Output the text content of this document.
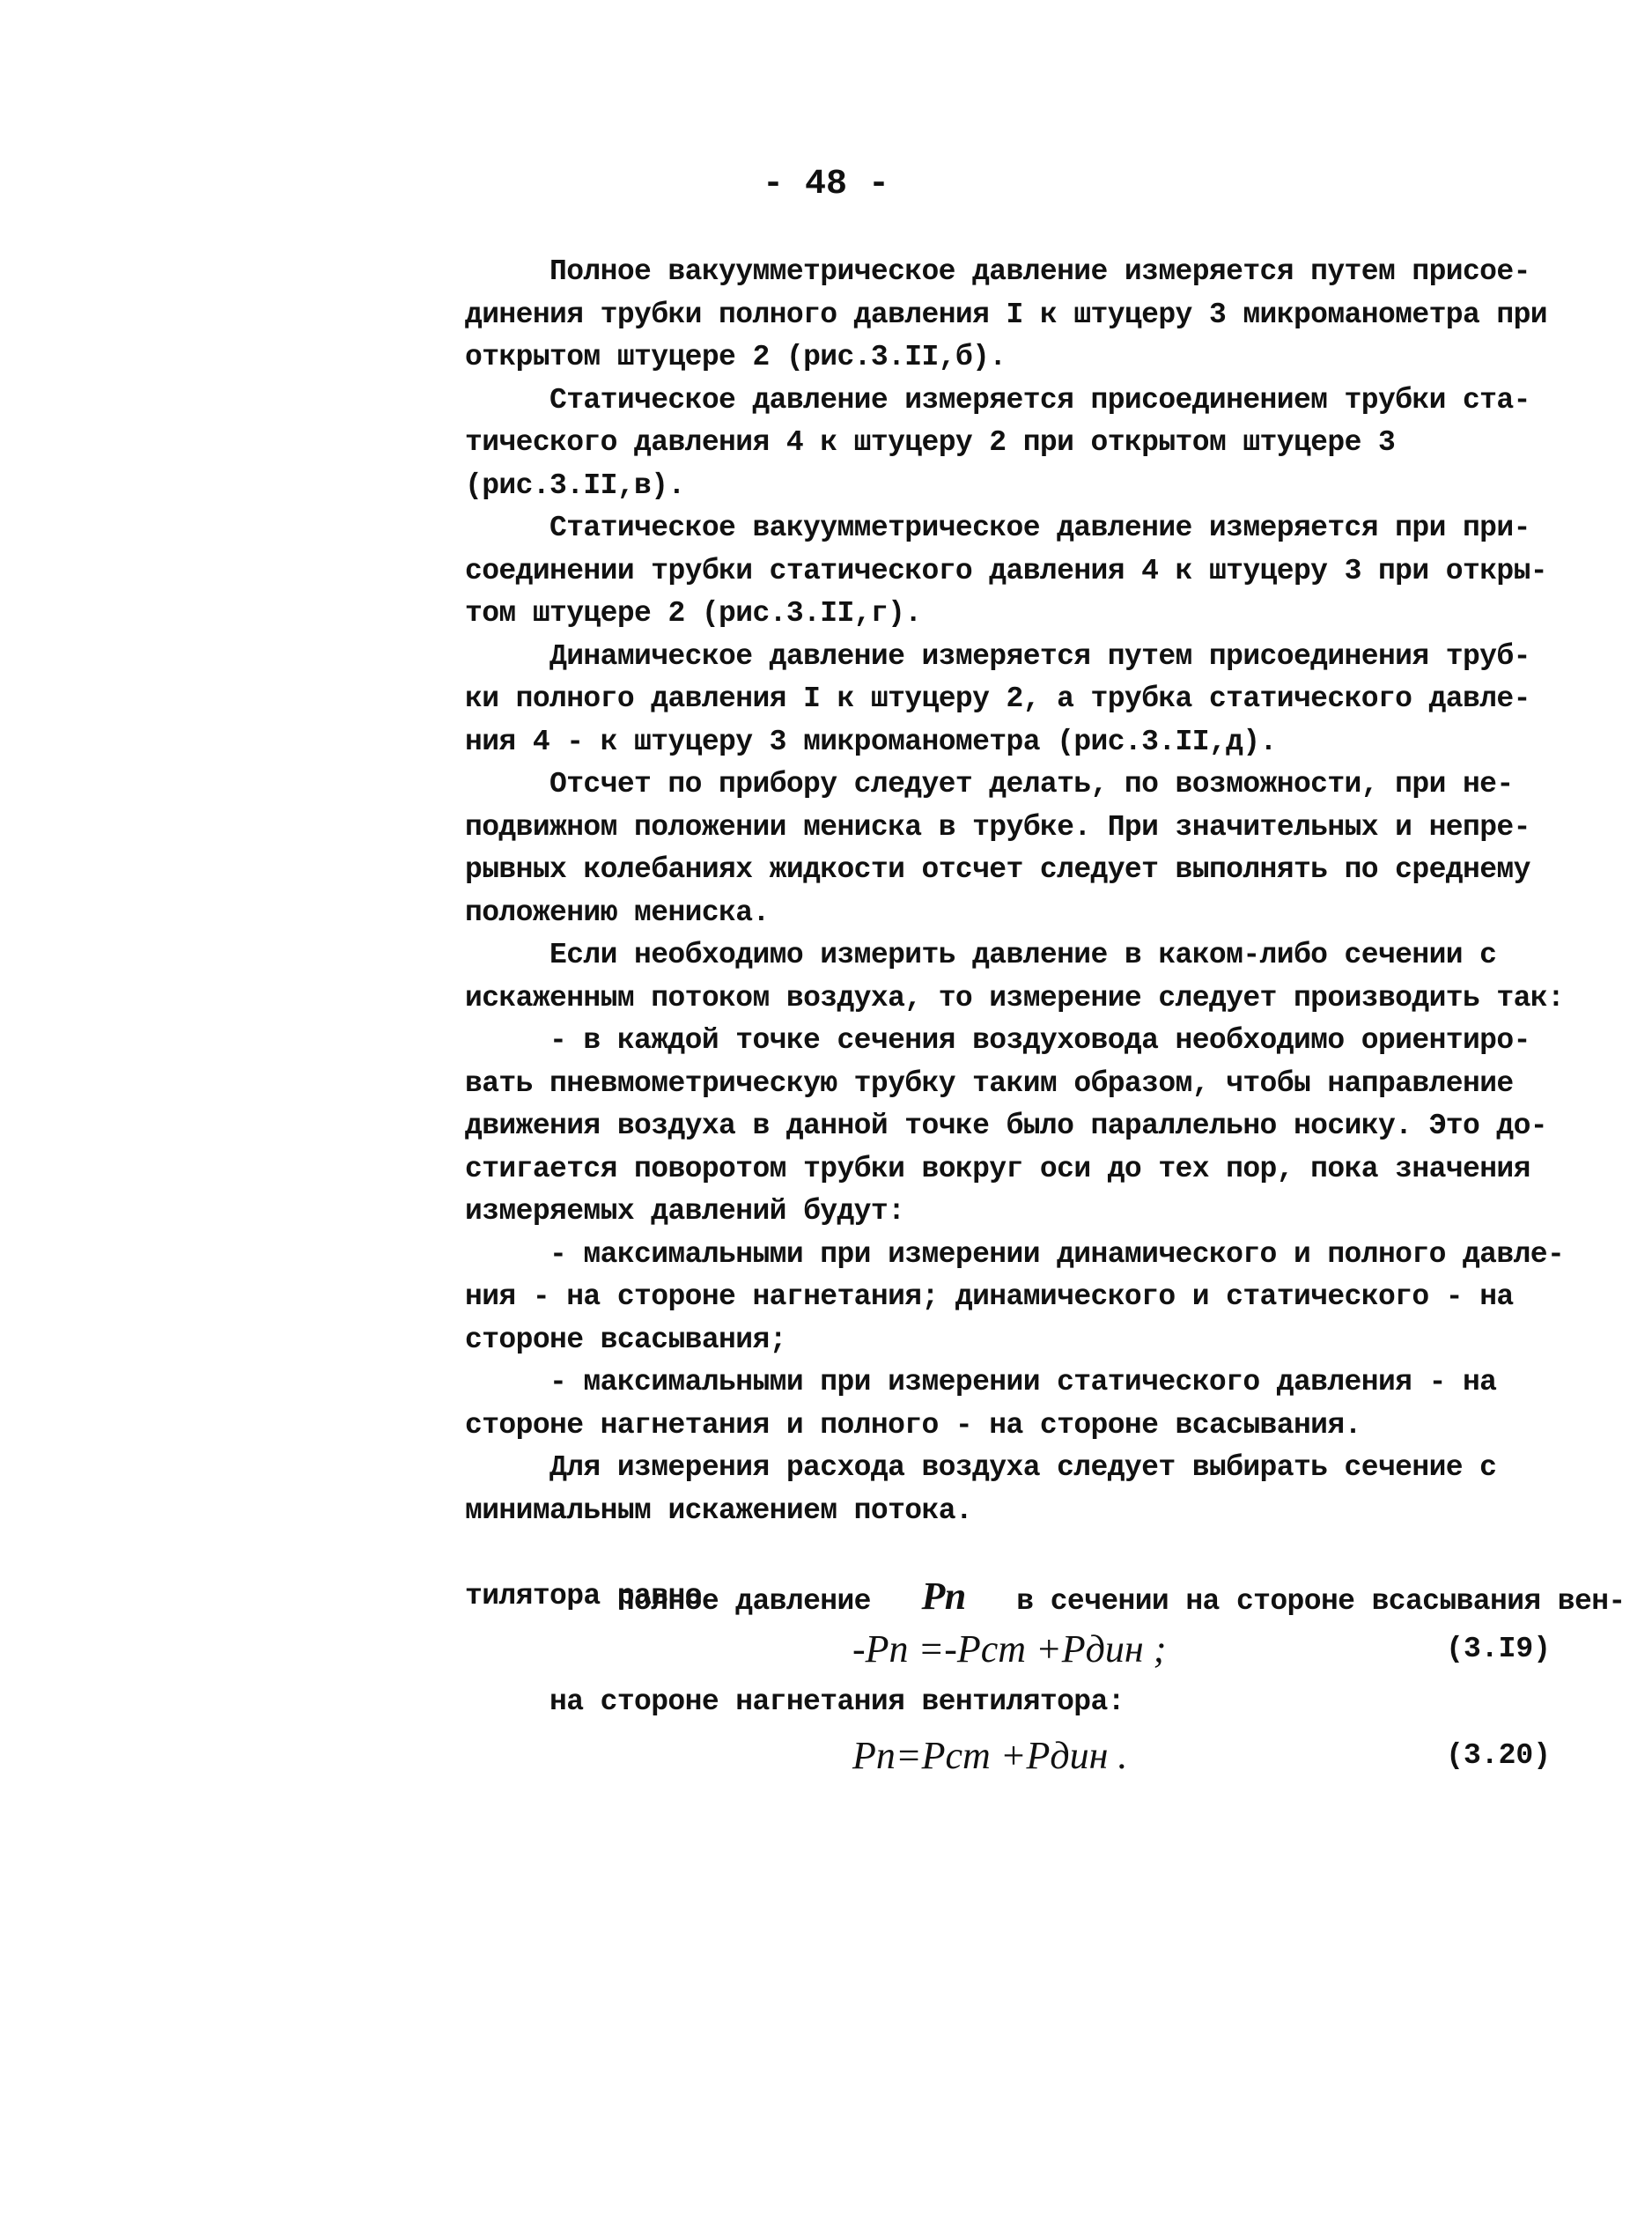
- 48 -
Полное вакуумметрическое давление измеряется путем присое-
динения трубки полного давления I к штуцеру 3 микроманометра при
открытом штуцере 2 (рис.3.II,б).
Статическое давление измеряется присоединением трубки ста-
тического давления 4 к штуцеру 2 при открытом штуцере 3
(рис.3.II,в).
Статическое вакуумметрическое давление измеряется при при-
соединении трубки статического давления 4 к штуцеру 3 при откры-
том штуцере 2 (рис.3.II,г).
Динамическое давление измеряется путем присоединения труб-
ки полного давления I к штуцеру 2, а трубка статического давле-
ния 4 - к штуцеру 3 микроманометра (рис.3.II,д).
Отсчет по прибору следует делать, по возможности, при не-
подвижном положении мениска в трубке. При значительных и непре-
рывных колебаниях жидкости отсчет следует выполнять по среднему
положению мениска.
Если необходимо измерить давление в каком-либо сечении с
искаженным потоком воздуха, то измерение следует производить так:
- в каждой точке сечения воздуховода необходимо ориентиро-
вать пневмометрическую трубку таким образом, чтобы направление
движения воздуха в данной точке было параллельно носику. Это до-
стигается поворотом трубки вокруг оси до тех пор, пока значения
измеряемых давлений будут:
- максимальными при измерении динамического и полного давле-
ния - на стороне нагнетания; динамического и статического - на
стороне всасывания;
- максимальными при измерении статического давления - на
стороне нагнетания и полного - на стороне всасывания.
Для измерения расхода воздуха следует выбирать сечение с
минимальным искажением потока.

Полное давление Pп в сечении на стороне всасывания вен-

тилятора равно
-Pп =-Pст +Pдин ;	(3.I9)
на стороне нагнетания вентилятора:
Pп=Pст +Pдин .	(3.20)
